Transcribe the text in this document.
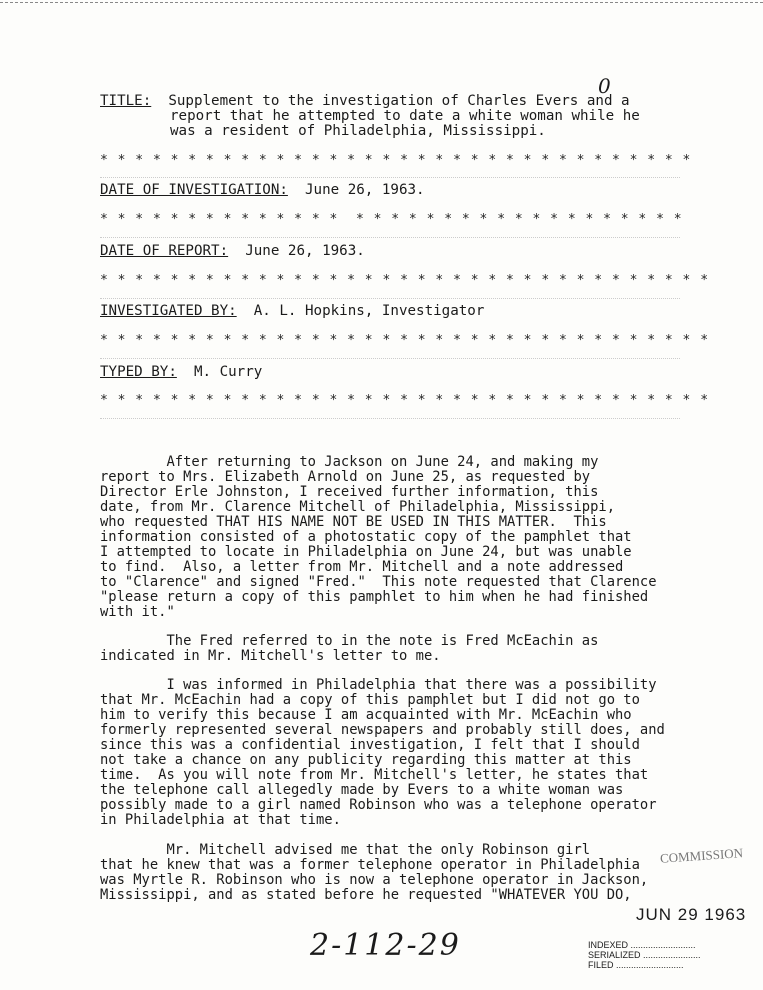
0
TITLE: Supplement to the investigation of Charles Evers and a
report that he attempted to date a white woman while he
was a resident of Philadelphia, Mississippi.
* * * * * * * * * * * * * * * * * * * * * * * * * * * * * * * * * *
DATE OF INVESTIGATION: June 26, 1963.
* * * * * * * * * * * * * *  * * * * * * * * * * * * * * * * * * *
DATE OF REPORT: June 26, 1963.
* * * * * * * * * * * * * * * * * * * * * * * * * * * * * * * * * * *
INVESTIGATED BY: A. L. Hopkins, Investigator
* * * * * * * * * * * * * * * * * * * * * * * * * * * * * * * * * * *
TYPED BY: M. Curry
* * * * * * * * * * * * * * * * * * * * * * * * * * * * * * * * * * *
After returning to Jackson on June 24, and making my
report to Mrs. Elizabeth Arnold on June 25, as requested by
Director Erle Johnston, I received further information, this
date, from Mr. Clarence Mitchell of Philadelphia, Mississippi,
who requested THAT HIS NAME NOT BE USED IN THIS MATTER.  This
information consisted of a photostatic copy of the pamphlet that
I attempted to locate in Philadelphia on June 24, but was unable
to find.  Also, a letter from Mr. Mitchell and a note addressed
to "Clarence" and signed "Fred."  This note requested that Clarence
"please return a copy of this pamphlet to him when he had finished
with it."
The Fred referred to in the note is Fred McEachin as
indicated in Mr. Mitchell's letter to me.
I was informed in Philadelphia that there was a possibility
that Mr. McEachin had a copy of this pamphlet but I did not go to
him to verify this because I am acquainted with Mr. McEachin who
formerly represented several newspapers and probably still does, and
since this was a confidential investigation, I felt that I should
not take a chance on any publicity regarding this matter at this
time.  As you will note from Mr. Mitchell's letter, he states that
the telephone call allegedly made by Evers to a white woman was
possibly made to a girl named Robinson who was a telephone operator
in Philadelphia at that time.
Mr. Mitchell advised me that the only Robinson girl
that he knew that was a former telephone operator in Philadelphia
was Myrtle R. Robinson who is now a telephone operator in Jackson,
Mississippi, and as stated before he requested "WHATEVER YOU DO,
COMMISSION
JUN 29 1963
2-112-29	INDEXED ..........................
SERIALIZED .......................
FILED ...........................
